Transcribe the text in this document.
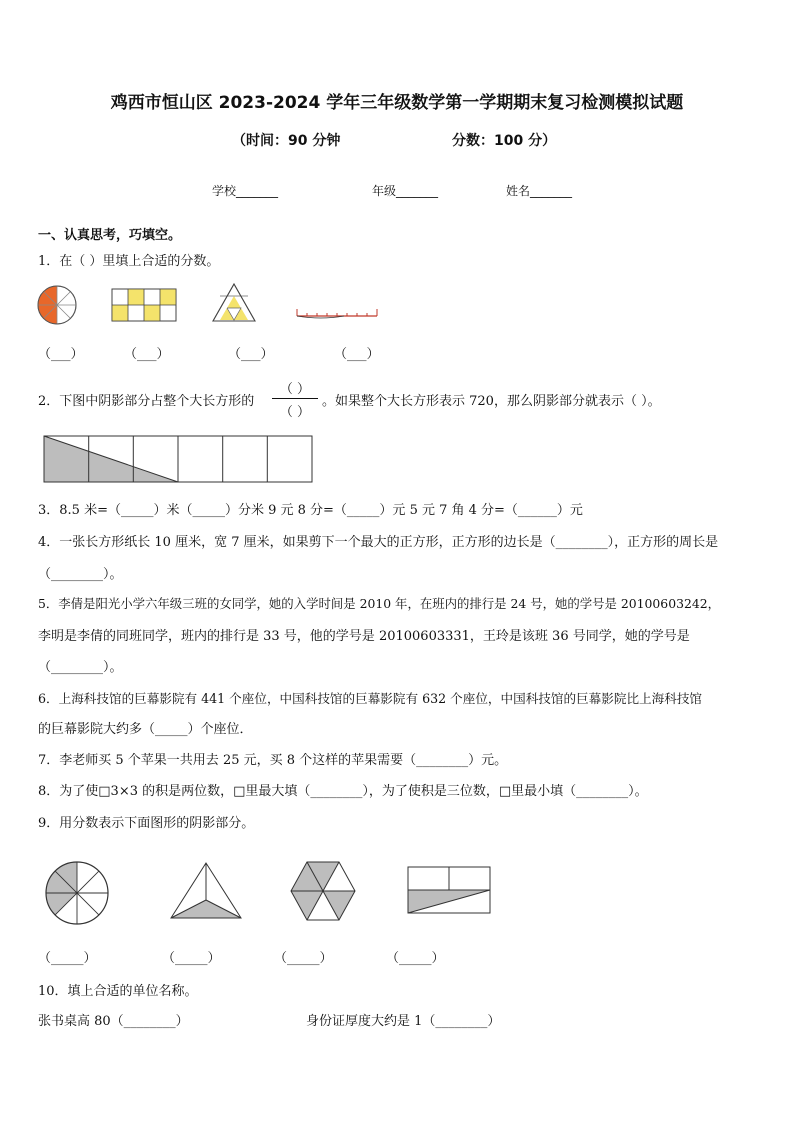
鸡西市恒山区 2023-2024 学年三年级数学第一学期期末复习检测模拟试题
（时间：90 分钟	分数：100 分）
学校_______	年级_______	姓名_______
一、认真思考，巧填空。
1．在（ ）里填上合适的分数。
（___）	（___）	（___）	（___）
2．下图中阴影部分占整个大长方形的
（ ）
（ ）
。如果整个大长方形表示 720，那么阴影部分就表示（ ）。
3．8.5 米=（_____）米（_____）分米 9 元 8 分=（_____）元 5 元 7 角 4 分=（______）元
4．一张长方形纸长 10 厘米，宽 7 厘米，如果剪下一个最大的正方形，正方形的边长是（________），正方形的周长是
（________）。
5．李倩是阳光小学六年级三班的女同学，她的入学时间是 2010 年，在班内的排行是 24 号，她的学号是 20100603242，
李明是李倩的同班同学，班内的排行是 33 号，他的学号是 20100603331，王玲是该班 36 号同学，她的学号是
（________）。
6．上海科技馆的巨幕影院有 441 个座位，中国科技馆的巨幕影院有 632 个座位，中国科技馆的巨幕影院比上海科技馆
的巨幕影院大约多（_____）个座位．
7．李老师买 5 个苹果一共用去 25 元，买 8 个这样的苹果需要（________）元。
8．为了使□3×3 的积是两位数，□里最大填（________），为了使积是三位数，□里最小填（________）。
9．用分数表示下面图形的阴影部分。
（_____）	（_____）	（_____）	（_____）
10．填上合适的单位名称。
张书桌高 80（________）	身份证厚度大约是 1（________）
